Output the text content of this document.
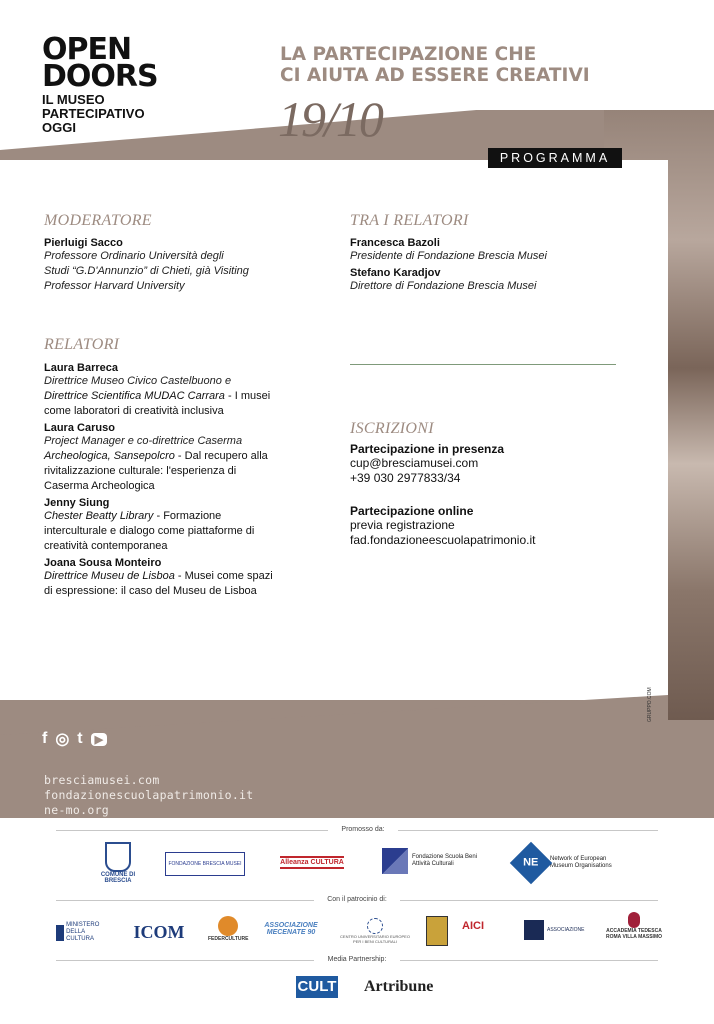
OPEN
DOORS
IL MUSEO
PARTECIPATIVO
OGGI
LA PARTECIPAZIONE CHE
CI AIUTA AD ESSERE CREATIVI
19/10
PROGRAMMA
MODERATORE
Pierluigi Sacco
Professore Ordinario Università degli
Studi “G.D'Annunzio” di Chieti, già Visiting
Professor Harvard University
TRA I RELATORI
Francesca Bazoli
Presidente di Fondazione Brescia Musei
Stefano Karadjov
Direttore di Fondazione Brescia Musei
RELATORI
Laura Barreca
Direttrice Museo Civico Castelbuono e
Direttrice Scientifica MUDAC Carrara - I musei
come laboratori di creatività inclusiva
Laura Caruso
Project Manager e co-direttrice Caserma
Archeologica, Sansepolcro - Dal recupero alla
rivitalizzazione culturale: l'esperienza di
Caserma Archeologica
Jenny Siung
Chester Beatty Library - Formazione
interculturale e dialogo come piattaforme di
creatività contemporanea
Joana Sousa Monteiro
Direttrice Museu de Lisboa - Musei come spazi
di espressione: il caso del Museu de Lisboa
ISCRIZIONI
Partecipazione in presenza
cup@bresciamusei.com
+39 030 2977833/34
Partecipazione online
previa registrazione
fad.fondazioneescuolapatrimonio.it
f ◎ t	▶
bresciamusei.com
fondazionescuolapatrimonio.it
ne-mo.org
GRUPPO.COM
Promosso da:
COMUNE DI BRESCIA
FONDAZIONE BRESCIA MUSEI	Alleanza CULTURA
Fondazione Scuola Beni Attività Culturali	NE	Network of European Museum Organisations
Con il patrocinio di:
MINISTERO DELLA CULTURA	ICOM	FEDERCULTURE
ASSOCIAZIONE MECENATE 90
CENTRO UNIVERSITARIO EUROPEO PER I BENI CULTURALI
AICI	ASSOCIAZIONE	ACCADEMIA TEDESCA ROMA VILLA MASSIMO
Media Partnership:
CULT Artribune
